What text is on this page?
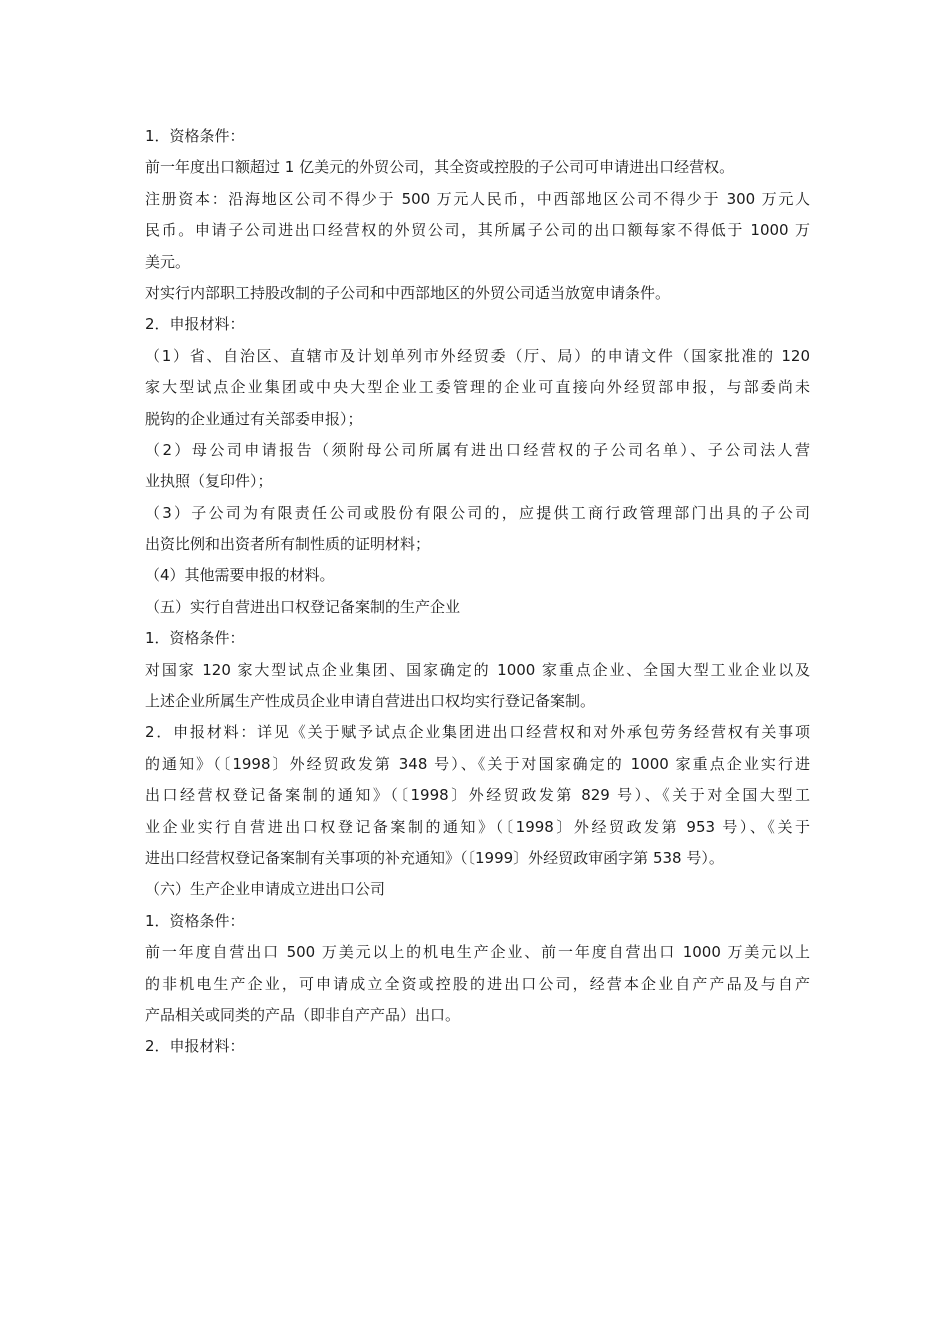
1．资格条件：
前一年度出口额超过 1 亿美元的外贸公司，其全资或控股的子公司可申请进出口经营权。
注册资本：沿海地区公司不得少于 500 万元人民币，中西部地区公司不得少于 300 万元人
民币。申请子公司进出口经营权的外贸公司，其所属子公司的出口额每家不得低于 1000 万
美元。
对实行内部职工持股改制的子公司和中西部地区的外贸公司适当放宽申请条件。
2．申报材料：
（1）省、自治区、直辖市及计划单列市外经贸委（厅、局）的申请文件（国家批准的 120
家大型试点企业集团或中央大型企业工委管理的企业可直接向外经贸部申报，与部委尚未
脱钩的企业通过有关部委申报）；
（2）母公司申请报告（须附母公司所属有进出口经营权的子公司名单）、子公司法人营
业执照（复印件）；
（3）子公司为有限责任公司或股份有限公司的，应提供工商行政管理部门出具的子公司
出资比例和出资者所有制性质的证明材料；
（4）其他需要申报的材料。
（五）实行自营进出口权登记备案制的生产企业
1．资格条件：
对国家 120 家大型试点企业集团、国家确定的 1000 家重点企业、全国大型工业企业以及
上述企业所属生产性成员企业申请自营进出口权均实行登记备案制。
2．申报材料：详见《关于赋予试点企业集团进出口经营权和对外承包劳务经营权有关事项
的通知》（〔1998〕外经贸政发第 348 号）、《关于对国家确定的 1000 家重点企业实行进
出口经营权登记备案制的通知》（〔1998〕外经贸政发第 829 号）、《关于对全国大型工
业企业实行自营进出口权登记备案制的通知》（〔1998〕外经贸政发第 953 号）、《关于
进出口经营权登记备案制有关事项的补充通知》（〔1999〕外经贸政审函字第 538 号）。
（六）生产企业申请成立进出口公司
1．资格条件：
前一年度自营出口 500 万美元以上的机电生产企业、前一年度自营出口 1000 万美元以上
的非机电生产企业，可申请成立全资或控股的进出口公司，经营本企业自产产品及与自产
产品相关或同类的产品（即非自产产品）出口。
2．申报材料：
